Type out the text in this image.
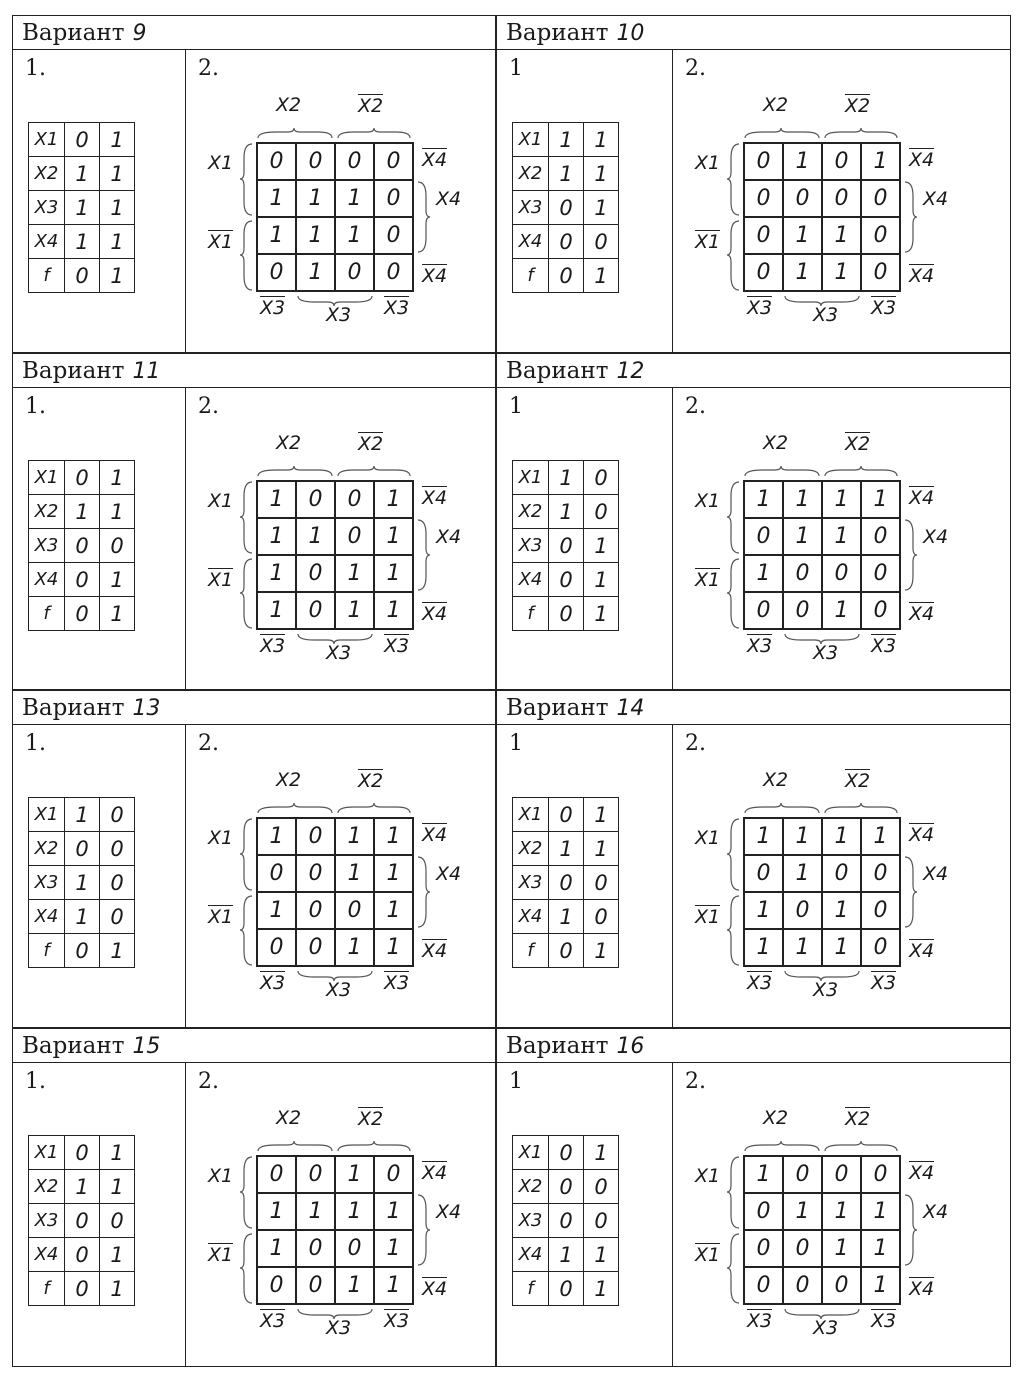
Вариант 9
1.
X1	0	1
X2	1	1
X3	1	1
X4	1	1
f	0	1
2.
0	0	0	0
1	1	1	0
1	1	1	0
0	1	0	0
X2	X2
X1
X1
X4
X4
X4
X3 X3 X3
Вариант 10
1
X1	1	1
X2	1	1
X3	0	1
X4	0	0
f	0	1
2.
0	1	0	1
0	0	0	0
0	1	1	0
0	1	1	0
X2	X2
X1
X1
X4
X4
X4
X3 X3 X3
Вариант 11
1.
X1	0	1
X2	1	1
X3	0	0
X4	0	1
f	0	1
2.
1	0	0	1
1	1	0	1
1	0	1	1
1	0	1	1
X2	X2
X1
X1
X4
X4
X4
X3 X3 X3
Вариант 12
1
X1	1	0
X2	1	0
X3	0	1
X4	0	1
f	0	1
2.
1	1	1	1
0	1	1	0
1	0	0	0
0	0	1	0
X2	X2
X1
X1
X4
X4
X4
X3 X3 X3
Вариант 13
1.
X1	1	0
X2	0	0
X3	1	0
X4	1	0
f	0	1
2.
1	0	1	1
0	0	1	1
1	0	0	1
0	0	1	1
X2	X2
X1
X1
X4
X4
X4
X3 X3 X3
Вариант 14
1
X1	0	1
X2	1	1
X3	0	0
X4	1	0
f	0	1
2.
1	1	1	1
0	1	0	0
1	0	1	0
1	1	1	0
X2	X2
X1
X1
X4
X4
X4
X3 X3 X3
Вариант 15
1.
X1	0	1
X2	1	1
X3	0	0
X4	0	1
f	0	1
2.
0	0	1	0
1	1	1	1
1	0	0	1
0	0	1	1
X2	X2
X1
X1
X4
X4
X4
X3 X3 X3
Вариант 16
1
X1	0	1
X2	0	0
X3	0	0
X4	1	1
f	0	1
2.
1	0	0	0
0	1	1	1
0	0	1	1
0	0	0	1
X2	X2
X1
X1
X4
X4
X4
X3 X3 X3
